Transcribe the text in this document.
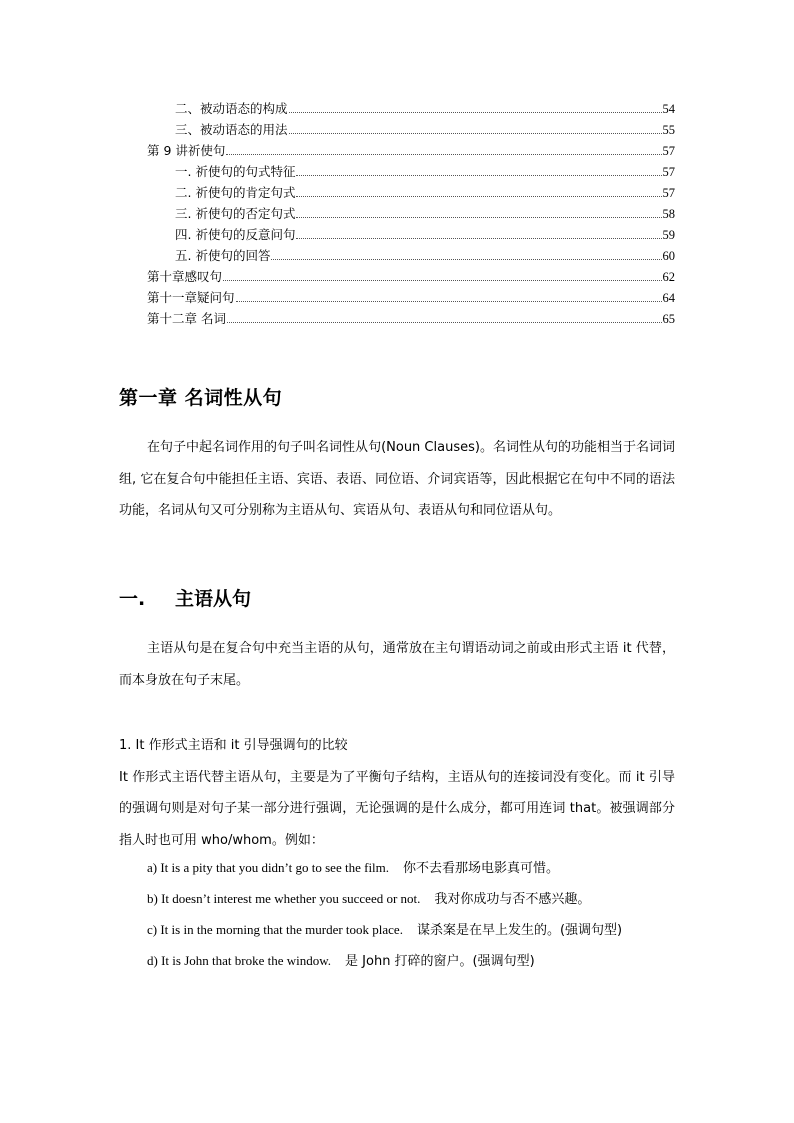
二、被动语态的构成	54
三、被动语态的用法	55
第 9 讲祈使句	57
一. 祈使句的句式特征	57
二. 祈使句的肯定句式	57
三. 祈使句的否定句式	58
四. 祈使句的反意问句	59
五. 祈使句的回答	60
第十章感叹句	62
第十一章疑问句	64
第十二章 名词	65
第一章 名词性从句
在句子中起名词作用的句子叫名词性从句(Noun Clauses)。名词性从句的功能相当于名词词组, 它在复合句中能担任主语、宾语、表语、同位语、介词宾语等，因此根据它在句中不同的语法功能，名词从句又可分别称为主语从句、宾语从句、表语从句和同位语从句。
一. 主语从句
主语从句是在复合句中充当主语的从句，通常放在主句谓语动词之前或由形式主语 it 代替，而本身放在句子末尾。
1. It 作形式主语和 it 引导强调句的比较
It 作形式主语代替主语从句，主要是为了平衡句子结构，主语从句的连接词没有变化。而 it 引导的强调句则是对句子某一部分进行强调，无论强调的是什么成分，都可用连词 that。被强调部分指人时也可用 who/whom。例如：
a) It is a pity that you didn’t go to see the film. 你不去看那场电影真可惜。
b) It doesn’t interest me whether you succeed or not. 我对你成功与否不感兴趣。
c) It is in the morning that the murder took place. 谋杀案是在早上发生的。(强调句型)
d) It is John that broke the window. 是 John 打碎的窗户。(强调句型)
